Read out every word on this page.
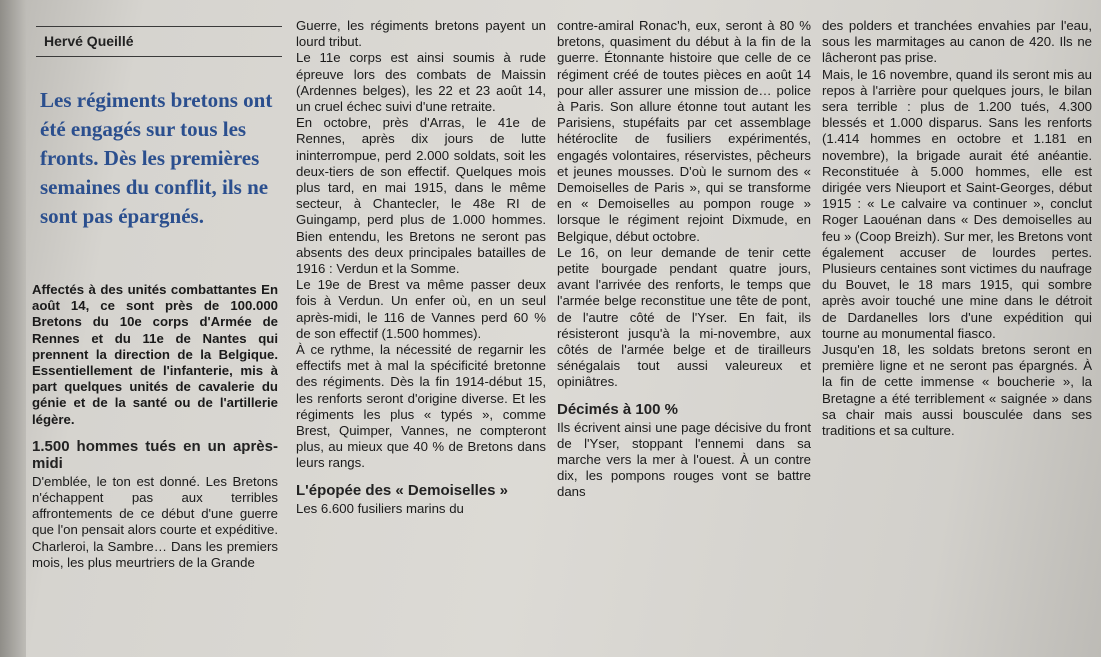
Hervé Queillé
Les régiments bretons ont été engagés sur tous les fronts. Dès les premières semaines du conflit, ils ne sont pas épargnés.

Affectés à des unités combattantes En août 14, ce sont près de 100.000 Bretons du 10e corps d'Armée de Rennes et du 11e de Nantes qui prennent la direction de la Belgique. Essentiellement de l'infanterie, mis à part quelques unités de cavalerie du génie et de la santé ou de l'artillerie légère.

1.500 hommes tués en un après-midi

D'emblée, le ton est donné. Les Bretons n'échappent pas aux terribles affrontements de ce début d'une guerre que l'on pensait alors courte et expéditive. Charleroi, la Sambre… Dans les premiers mois, les plus meurtriers de la Grande

Guerre, les régiments bretons payent un lourd tribut.

Le 11e corps est ainsi soumis à rude épreuve lors des combats de Maissin (Ardennes belges), les 22 et 23 août 14, un cruel échec suivi d'une retraite.

En octobre, près d'Arras, le 41e de Rennes, après dix jours de lutte ininterrompue, perd 2.000 soldats, soit les deux-tiers de son effectif. Quelques mois plus tard, en mai 1915, dans le même secteur, à Chantecler, le 48e RI de Guingamp, perd plus de 1.000 hommes. Bien entendu, les Bretons ne seront pas absents des deux principales batailles de 1916 : Verdun et la Somme.

Le 19e de Brest va même passer deux fois à Verdun. Un enfer où, en un seul après-midi, le 116 de Vannes perd 60 % de son effectif (1.500 hommes).

À ce rythme, la nécessité de regarnir les effectifs met à mal la spécificité bretonne des régiments. Dès la fin 1914-début 15, les renforts seront d'origine diverse. Et les régiments les plus « typés », comme Brest, Quimper, Vannes, ne compteront plus, au mieux que 40 % de Bretons dans leurs rangs.

L'épopée des « Demoiselles »

Les 6.600 fusiliers marins du

contre-amiral Ronac'h, eux, seront à 80 % bretons, quasiment du début à la fin de la guerre. Étonnante histoire que celle de ce régiment créé de toutes pièces en août 14 pour aller assurer une mission de… police à Paris. Son allure étonne tout autant les Parisiens, stupéfaits par cet assemblage hétéroclite de fusiliers expérimentés, engagés volontaires, réservistes, pêcheurs et jeunes mousses. D'où le surnom des « Demoiselles de Paris », qui se transforme en « Demoiselles au pompon rouge » lorsque le régiment rejoint Dixmude, en Belgique, début octobre.

Le 16, on leur demande de tenir cette petite bourgade pendant quatre jours, avant l'arrivée des renforts, le temps que l'armée belge reconstitue une tête de pont, de l'autre côté de l'Yser. En fait, ils résisteront jusqu'à la mi-novembre, aux côtés de l'armée belge et de tirailleurs sénégalais tout aussi valeureux et opiniâtres.

Décimés à 100 %

Ils écrivent ainsi une page décisive du front de l'Yser, stoppant l'ennemi dans sa marche vers la mer à l'ouest. À un contre dix, les pompons rouges vont se battre dans

des polders et tranchées envahies par l'eau, sous les marmitages au canon de 420. Ils ne lâcheront pas prise.

Mais, le 16 novembre, quand ils seront mis au repos à l'arrière pour quelques jours, le bilan sera terrible : plus de 1.200 tués, 4.300 blessés et 1.000 disparus. Sans les renforts (1.414 hommes en octobre et 1.181 en novembre), la brigade aurait été anéantie. Reconstituée à 5.000 hommes, elle est dirigée vers Nieuport et Saint-Georges, début 1915 : « Le calvaire va continuer », conclut Roger Laouénan dans « Des demoiselles au feu » (Coop Breizh). Sur mer, les Bretons vont également accuser de lourdes pertes. Plusieurs centaines sont victimes du naufrage du Bouvet, le 18 mars 1915, qui sombre après avoir touché une mine dans le détroit de Dardanelles lors d'une expédition qui tourne au monumental fiasco.

Jusqu'en 18, les soldats bretons seront en première ligne et ne seront pas épargnés. À la fin de cette immense « boucherie », la Bretagne a été terriblement « saignée » dans sa chair mais aussi bousculée dans ses traditions et sa culture.
